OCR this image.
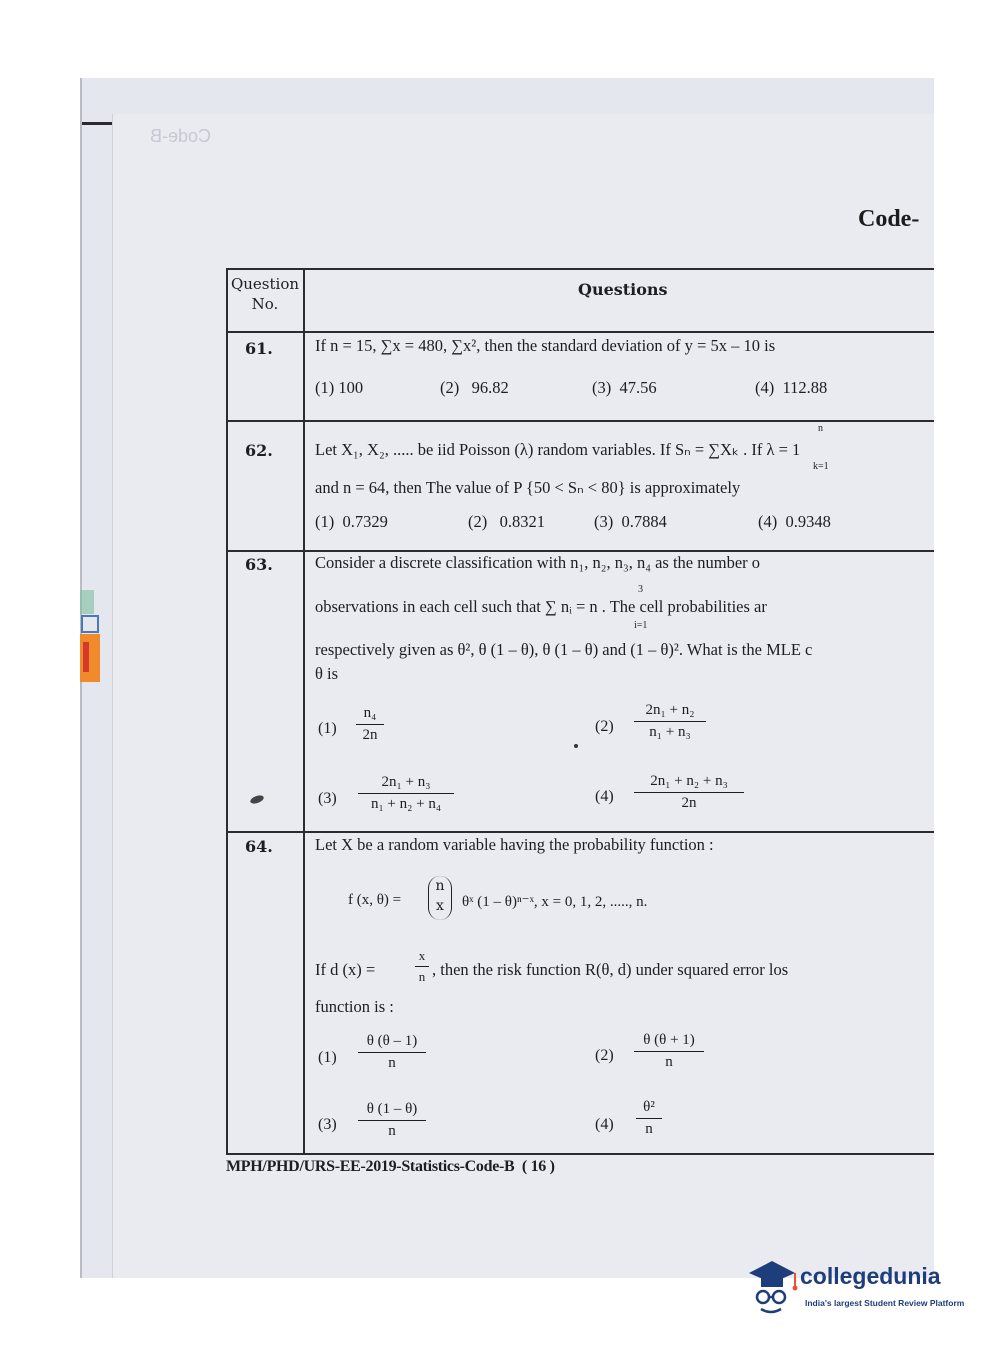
Code-B
Code-
Question
No.
Questions
61.	If n = 15, ∑x = 480, ∑x², then the standard deviation of y = 5x – 10 is
(1) 100	(2) 96.82	(3) 47.56	(4) 112.88
62.	Let X₁, X₂, ..... be iid Poisson (λ) random variables. If Sₙ = ∑Xₖ . If λ = 1
n
k=1
and n = 64, then The value of P {50 < Sₙ < 80} is approximately
(1) 0.7329	(2) 0.8321	(3) 0.7884	(4) 0.9348
63.	Consider a discrete classification with n₁, n₂, n₃, n₄ as the number o
3
i=1
observations in each cell such that ∑ nᵢ = n . The cell probabilities ar
respectively given as θ², θ (1 – θ), θ (1 – θ) and (1 – θ)². What is the MLE c
θ is
$(1) \frac{\text{n₄}}{2n}$	$(2) \frac{\text{2n₁ + n₂}}{\text{n₁ + n₃}}$
$(3) \frac{\text{2n₁ + n₃}}{\text{n₁ + n₂ + n₄}}$	$(4) \frac{\text{2n₁ + n₂ + n₃}}{2n}$
64.	Let X be a random variable having the probability function :
f (x, θ) =
n
x	θˣ (1 – θ)ⁿ⁻ˣ, x = 0, 1, 2, ....., n.
If d (x) =	$\frac{x}{n}$ , then the risk function R(θ, d) under squared error los
function is :
$(1) \frac{\theta (\theta - 1)}{n}$	$(2) \frac{\theta (\theta + 1)}{n}$
$(3) \frac{\theta (1 - \theta)}{n}$	$(4) \frac{\text{θ²}}{n}$
MPH/PHD/URS-EE-2019-Statistics-Code-B ( 16 )
collegedunia
India's largest Student Review Platform
